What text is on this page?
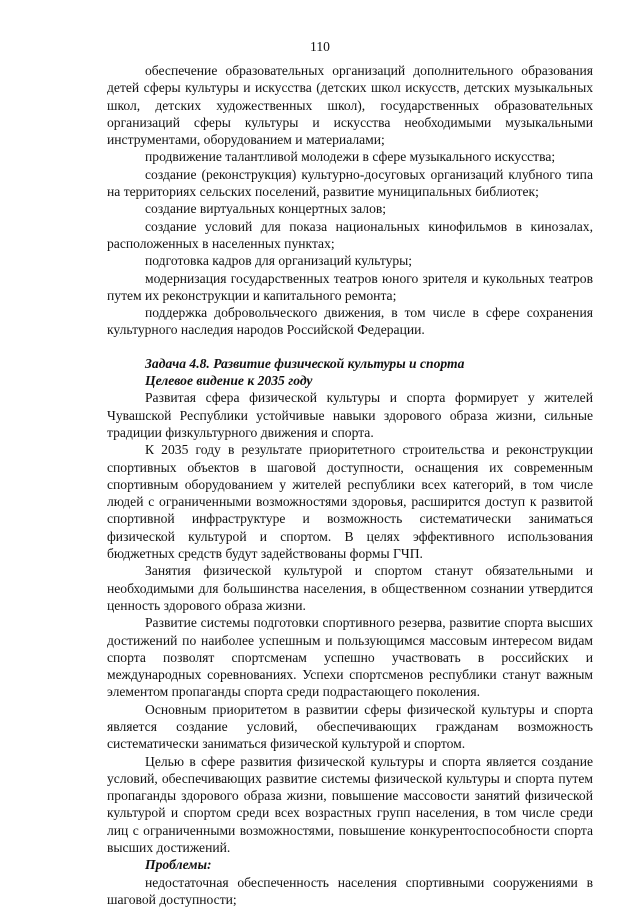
110

обеспечение образовательных организаций дополнительного образования детей сферы культуры и искусства (детских школ искусств, детских музыкальных школ, детских художественных школ), государственных образовательных организаций сферы культуры и искусства необходимыми музыкальными инструментами, оборудованием и материалами;

продвижение талантливой молодежи в сфере музыкального искусства;

создание (реконструкция) культурно-досуговых организаций клубного типа на территориях сельских поселений, развитие муниципальных библиотек;

создание виртуальных концертных залов;

создание условий для показа национальных кинофильмов в кинозалах, расположенных в населенных пунктах;

подготовка кадров для организаций культуры;

модернизация государственных театров юного зрителя и кукольных театров путем их реконструкции и капитального ремонта;

поддержка добровольческого движения, в том числе в сфере сохранения культурного наследия народов Российской Федерации.

Задача 4.8. Развитие физической культуры и спорта

Целевое видение к 2035 году

Развитая сфера физической культуры и спорта формирует у жителей Чувашской Республики устойчивые навыки здорового образа жизни, сильные традиции физкультурного движения и спорта.

К 2035 году в результате приоритетного строительства и реконструкции спортивных объектов в шаговой доступности, оснащения их современным спортивным оборудованием у жителей республики всех категорий, в том числе людей с ограниченными возможностями здоровья, расширится доступ к развитой спортивной инфраструктуре и возможность систематически заниматься физической культурой и спортом. В целях эффективного использования бюджетных средств будут задействованы формы ГЧП.

Занятия физической культурой и спортом станут обязательными и необходимыми для большинства населения, в общественном сознании утвердится ценность здорового образа жизни.

Развитие системы подготовки спортивного резерва, развитие спорта высших достижений по наиболее успешным и пользующимся массовым интересом видам спорта позволят спортсменам успешно участвовать в российских и международных соревнованиях. Успехи спортсменов республики станут важным элементом пропаганды спорта среди подрастающего поколения.

Основным приоритетом в развитии сферы физической культуры и спорта является создание условий, обеспечивающих гражданам возможность систематически заниматься физической культурой и спортом.

Целью в сфере развития физической культуры и спорта является создание условий, обеспечивающих развитие системы физической культуры и спорта путем пропаганды здорового образа жизни, повышение массовости занятий физической культурой и спортом среди всех возрастных групп населения, в том числе среди лиц с ограниченными возможностями, повышение конкурентоспособности спорта высших достижений.

Проблемы:

недостаточная обеспеченность населения спортивными сооружениями в шаговой доступности;
